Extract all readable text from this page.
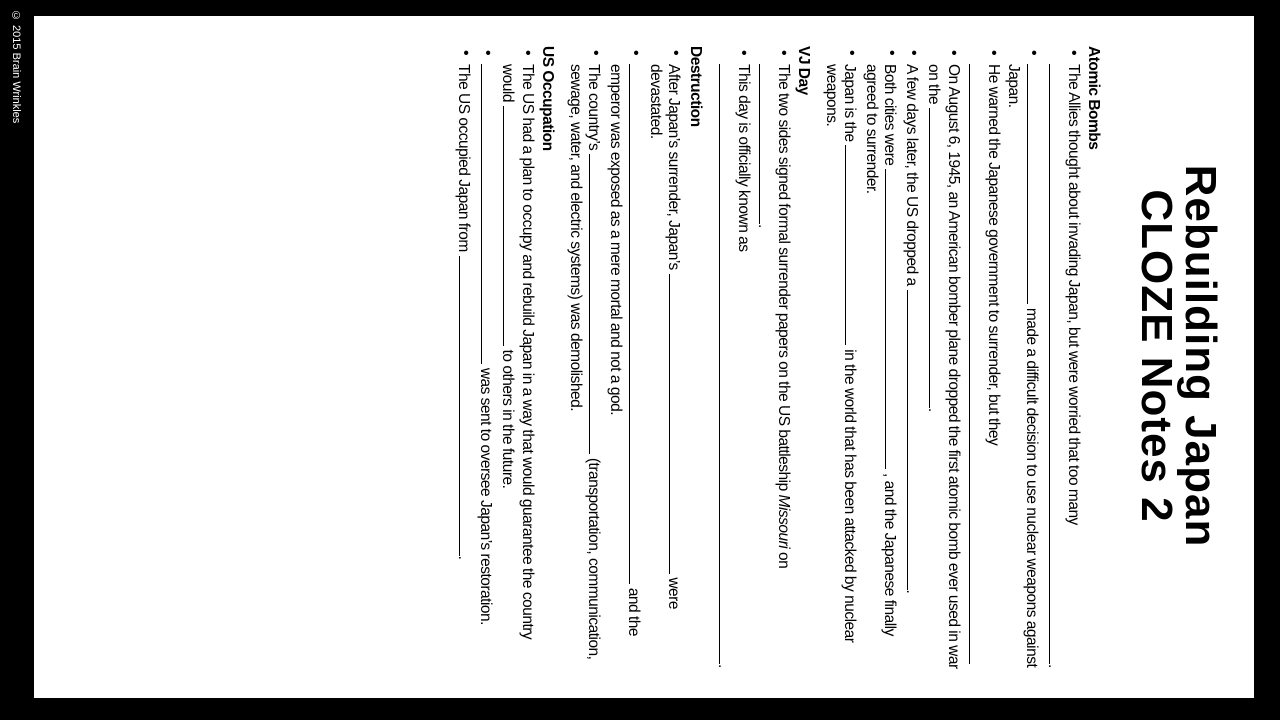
© 2015 Brain Wrinkles
Rebuilding Japan
CLOZE Notes 2
Atomic Bombs
• The Allies thought about invading Japan, but were worried that too many
.
• made a difficult decision to use nuclear weapons against Japan.
• He warned the Japanese government to surrender, but they
• On August 6, 1945, an American bomber plane dropped the first atomic bomb ever used in war on the .
• A few days later, the US dropped a .
• Both cities were  , and the Japanese finally agreed to surrender.
• Japan is the  in the world that has been attacked by nuclear weapons.
VJ Day
• The two sides signed formal surrender papers on the US battleship Missouri on .
• This day is officially known as
.
Destruction
• After Japan’s surrender, Japan’s  were devastated.
• and the emperor was exposed as a mere mortal and not a god.
• The country’s  (transportation, communication, sewage, water, and electric systems) was demolished.
US Occupation
• The US had a plan to occupy and rebuild Japan in a way that would guarantee the country would  to others in the future.
• was sent to oversee Japan’s restoration.
• The US occupied Japan from .
